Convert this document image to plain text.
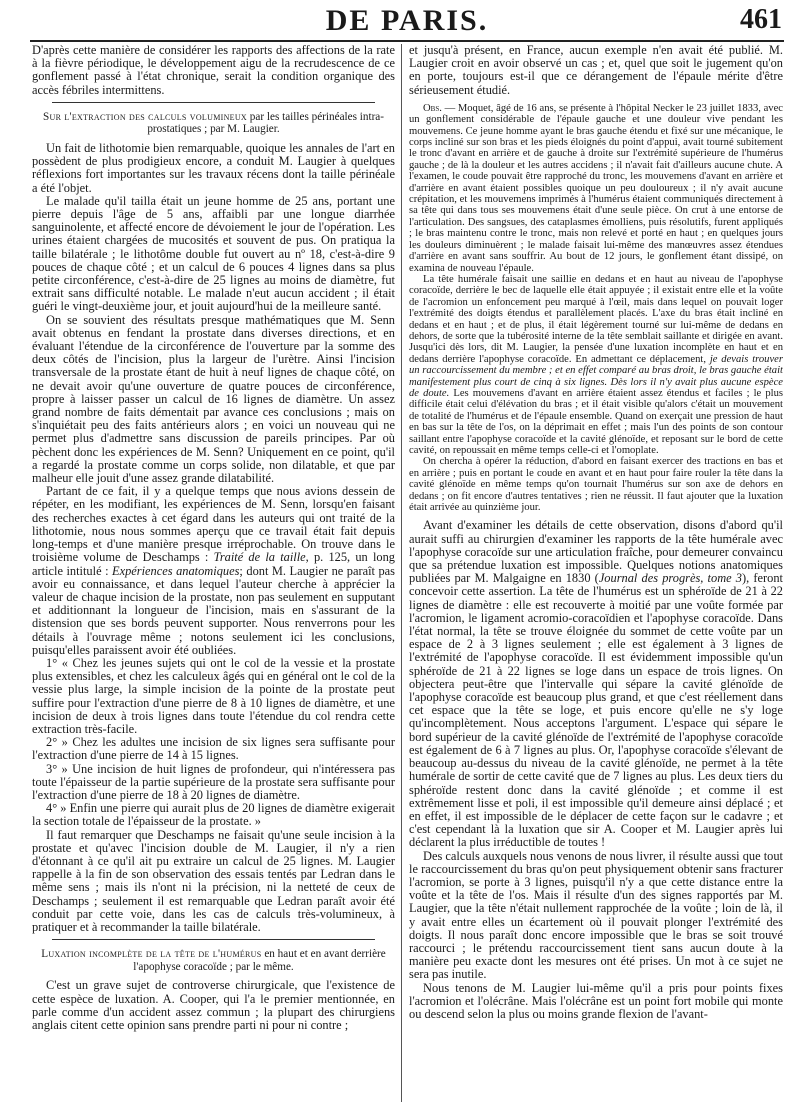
DE PARIS.	461

D'après cette manière de considérer les rapports des affections de la rate à la fièvre périodique, le développement aigu de la recrudescence de ce gonflement passé à l'état chronique, serait la condition organique des accès fébriles intermittens.

Sur l'extraction des calculs volumineux par les tailles périnéales intra-prostatiques ; par M. Laugier.

Un fait de lithotomie bien remarquable, quoique les annales de l'art en possèdent de plus prodigieux encore, a conduit M. Laugier à quelques réflexions fort importantes sur les travaux récens dont la taille périnéale a été l'objet.

Le malade qu'il tailla était un jeune homme de 25 ans, portant une pierre depuis l'âge de 5 ans, affaibli par une longue diarrhée sanguinolente, et affecté encore de dévoiement le jour de l'opération. Les urines étaient chargées de mucosités et souvent de pus. On pratiqua la taille bilatérale ; le lithotôme double fut ouvert au nº 18, c'est-à-dire 9 pouces de chaque côté ; et un calcul de 6 pouces 4 lignes dans sa plus petite circonférence, c'est-à-dire de 25 lignes au moins de diamètre, fut extrait sans difficulté notable. Le malade n'eut aucun accident ; il était guéri le vingt-deuxième jour, et jouit aujourd'hui de la meilleure santé.

On se souvient des résultats presque mathématiques que M. Senn avait obtenus en fendant la prostate dans diverses directions, et en évaluant l'étendue de la circonférence de l'ouverture par la somme des deux côtés de l'incision, plus la largeur de l'urètre. Ainsi l'incision transversale de la prostate étant de huit à neuf lignes de chaque côté, on ne devait avoir qu'une ouverture de quatre pouces de circonférence, propre à laisser passer un calcul de 16 lignes de diamètre. Un assez grand nombre de faits démentait par avance ces conclusions ; mais on s'inquiétait peu des faits antérieurs alors ; en voici un nouveau qui ne permet plus d'admettre sans discussion de pareils principes. Par où pèchent donc les expériences de M. Senn? Uniquement en ce point, qu'il a regardé la prostate comme un corps solide, non dilatable, et que par malheur elle jouit d'une assez grande dilatabilité.

Partant de ce fait, il y a quelque temps que nous avions dessein de répéter, en les modifiant, les expériences de M. Senn, lorsqu'en faisant des recherches exactes à cet égard dans les auteurs qui ont traité de la lithotomie, nous nous sommes aperçu que ce travail était fait depuis long-temps et d'une manière presque irréprochable. On trouve dans le troisième volume de Deschamps : Traité de la taille, p. 125, un long article intitulé : Expériences anatomiques; dont M. Laugier ne paraît pas avoir eu connaissance, et dans lequel l'auteur cherche à apprécier la valeur de chaque incision de la prostate, non pas seulement en supputant et additionnant la longueur de l'incision, mais en s'assurant de la distension que ses bords peuvent supporter. Nous renverrons pour les détails à l'ouvrage même ; notons seulement ici les conclusions, puisqu'elles paraissent avoir été oubliées.

1° « Chez les jeunes sujets qui ont le col de la vessie et la prostate plus extensibles, et chez les calculeux âgés qui en général ont le col de la vessie plus large, la simple incision de la pointe de la prostate peut suffire pour l'extraction d'une pierre de 8 à 10 lignes de diamètre, et une incision de deux à trois lignes dans toute l'étendue du col rendra cette extraction très-facile.

2° » Chez les adultes une incision de six lignes sera suffisante pour l'extraction d'une pierre de 14 à 15 lignes.

3° » Une incision de huit lignes de profondeur, qui n'intéressera pas toute l'épaisseur de la partie supérieure de la prostate sera suffisante pour l'extraction d'une pierre de 18 à 20 lignes de diamètre.

4° » Enfin une pierre qui aurait plus de 20 lignes de diamètre exigerait la section totale de l'épaisseur de la prostate. »

Il faut remarquer que Deschamps ne faisait qu'une seule incision à la prostate et qu'avec l'incision double de M. Laugier, il n'y a rien d'étonnant à ce qu'il ait pu extraire un calcul de 25 lignes. M. Laugier rappelle à la fin de son observation des essais tentés par Ledran dans le même sens ; mais ils n'ont ni la précision, ni la netteté de ceux de Deschamps ; seulement il est remarquable que Ledran paraît avoir été conduit par cette voie, dans les cas de calculs très-volumineux, à pratiquer et à recommander la taille bilatérale.

Luxation incomplète de la tête de l'humérus en haut et en avant derrière l'apophyse coracoïde ; par le même.

C'est un grave sujet de controverse chirurgicale, que l'existence de cette espèce de luxation. A. Cooper, qui l'a le premier mentionnée, en parle comme d'un accident assez commun ; la plupart des chirurgiens anglais citent cette opinion sans prendre parti ni pour ni contre ;

et jusqu'à présent, en France, aucun exemple n'en avait été publié. M. Laugier croit en avoir observé un cas ; et, quel que soit le jugement qu'on en porte, toujours est-il que ce dérangement de l'épaule mérite d'être sérieusement étudié.

Obs. — Moquet, âgé de 16 ans, se présente à l'hôpital Necker le 23 juillet 1833, avec un gonflement considérable de l'épaule gauche et une douleur vive pendant les mouvemens. Ce jeune homme ayant le bras gauche étendu et fixé sur une mécanique, le corps incliné sur son bras et les pieds éloignés du point d'appui, avait tourné subitement le tronc d'avant en arrière et de gauche à droite sur l'extrémité supérieure de l'humérus gauche ; de là la douleur et les autres accidens ; il n'avait fait d'ailleurs aucune chute. A l'examen, le coude pouvait être rapproché du tronc, les mouvemens d'avant en arrière et d'arrière en avant étaient possibles quoique un peu douloureux ; il n'y avait aucune crépitation, et les mouvemens imprimés à l'humérus étaient communiqués directement à sa tête qui dans tous ses mouvemens était d'une seule pièce. On crut à une entorse de l'articulation. Des sangsues, des cataplasmes émolliens, puis résolutifs, furent appliqués ; le bras maintenu contre le tronc, mais non relevé et porté en haut ; en quelques jours les douleurs diminuèrent ; le malade faisait lui-même des manœuvres assez étendues d'arrière en avant sans souffrir. Au bout de 12 jours, le gonflement étant dissipé, on examina de nouveau l'épaule.

La tête humérale faisait une saillie en dedans et en haut au niveau de l'apophyse coracoïde, derrière le bec de laquelle elle était appuyée ; il existait entre elle et la voûte de l'acromion un enfoncement peu marqué à l'œil, mais dans lequel on pouvait loger l'extrémité des doigts étendus et parallèlement placés. L'axe du bras était incliné en dedans et en haut ; et de plus, il était légèrement tourné sur lui-même de dedans en dehors, de sorte que la tubérosité interne de la tête semblait saillante et dirigée en avant. Jusqu'ici dès lors, dit M. Laugier, la pensée d'une luxation incomplète en haut et en dedans derrière l'apophyse coracoïde. En admettant ce déplacement, je devais trouver un raccourcissement du membre ; et en effet comparé au bras droit, le bras gauche était manifestement plus court de cinq à six lignes. Dès lors il n'y avait plus aucune espèce de doute. Les mouvemens d'avant en arrière étaient assez étendus et faciles ; le plus difficile était celui d'élévation du bras ; et il était visible qu'alors c'était un mouvement de totalité de l'humérus et de l'épaule ensemble. Quand on exerçait une pression de haut en bas sur la tête de l'os, on la déprimait en effet ; mais l'un des points de son contour saillant entre l'apophyse coracoïde et la cavité glénoïde, et reposant sur le bord de cette cavité, on repoussait en même temps celle-ci et l'omoplate.

On chercha à opérer la réduction, d'abord en faisant exercer des tractions en bas et en arrière ; puis en portant le coude en avant et en haut pour faire rouler la tête dans la cavité glénoïde en même temps qu'on tournait l'humérus sur son axe de dehors en dedans ; on fit encore d'autres tentatives ; rien ne réussit. Il faut ajouter que la luxation était arrivée au quinzième jour.

Avant d'examiner les détails de cette observation, disons d'abord qu'il aurait suffi au chirurgien d'examiner les rapports de la tête humérale avec l'apophyse coracoïde sur une articulation fraîche, pour demeurer convaincu que sa prétendue luxation est impossible. Quelques notions anatomiques publiées par M. Malgaigne en 1830 (Journal des progrès, tome 3), feront concevoir cette assertion. La tête de l'humérus est un sphéroïde de 21 à 22 lignes de diamètre : elle est recouverte à moitié par une voûte formée par l'acromion, le ligament acromio-coracoïdien et l'apophyse coracoïde. Dans l'état normal, la tête se trouve éloignée du sommet de cette voûte par un espace de 2 à 3 lignes seulement ; elle est également à 3 lignes de l'extrémité de l'apophyse coracoïde. Il est évidemment impossible qu'un sphéroïde de 21 à 22 lignes se loge dans un espace de trois lignes. On objectera peut-être que l'intervalle qui sépare la cavité glénoïde de l'apophyse coracoïde est beaucoup plus grand, et que c'est réellement dans cet espace que la tête se loge, et puis encore qu'elle ne s'y loge qu'incomplètement. Nous acceptons l'argument. L'espace qui sépare le bord supérieur de la cavité glénoïde de l'extrémité de l'apophyse coracoïde est également de 6 à 7 lignes au plus. Or, l'apophyse coracoïde s'élevant de beaucoup au-dessus du niveau de la cavité glénoïde, ne permet à la tête humérale de sortir de cette cavité que de 7 lignes au plus. Les deux tiers du sphéroïde restent donc dans la cavité glénoïde ; et comme il est extrêmement lisse et poli, il est impossible qu'il demeure ainsi déplacé ; et en effet, il est impossible de le déplacer de cette façon sur le cadavre ; et c'est cependant là la luxation que sir A. Cooper et M. Laugier après lui déclarent la plus irréductible de toutes !

Des calculs auxquels nous venons de nous livrer, il résulte aussi que tout le raccourcissement du bras qu'on peut physiquement obtenir sans fracturer l'acromion, se porte à 3 lignes, puisqu'il n'y a que cette distance entre la voûte et la tête de l'os. Mais il résulte d'un des signes rapportés par M. Laugier, que la tête n'était nullement rapprochée de la voûte ; loin de là, il y avait entre elles un écartement où il pouvait plonger l'extrémité des doigts. Il nous paraît donc encore impossible que le bras se soit trouvé raccourci ; le prétendu raccourcissement tient sans aucun doute à la manière peu exacte dont les mesures ont été prises. Un mot à ce sujet ne sera pas inutile.

Nous tenons de M. Laugier lui-même qu'il a pris pour points fixes l'acromion et l'olécrâne. Mais l'olécrâne est un point fort mobile qui monte ou descend selon la plus ou moins grande flexion de l'avant-
